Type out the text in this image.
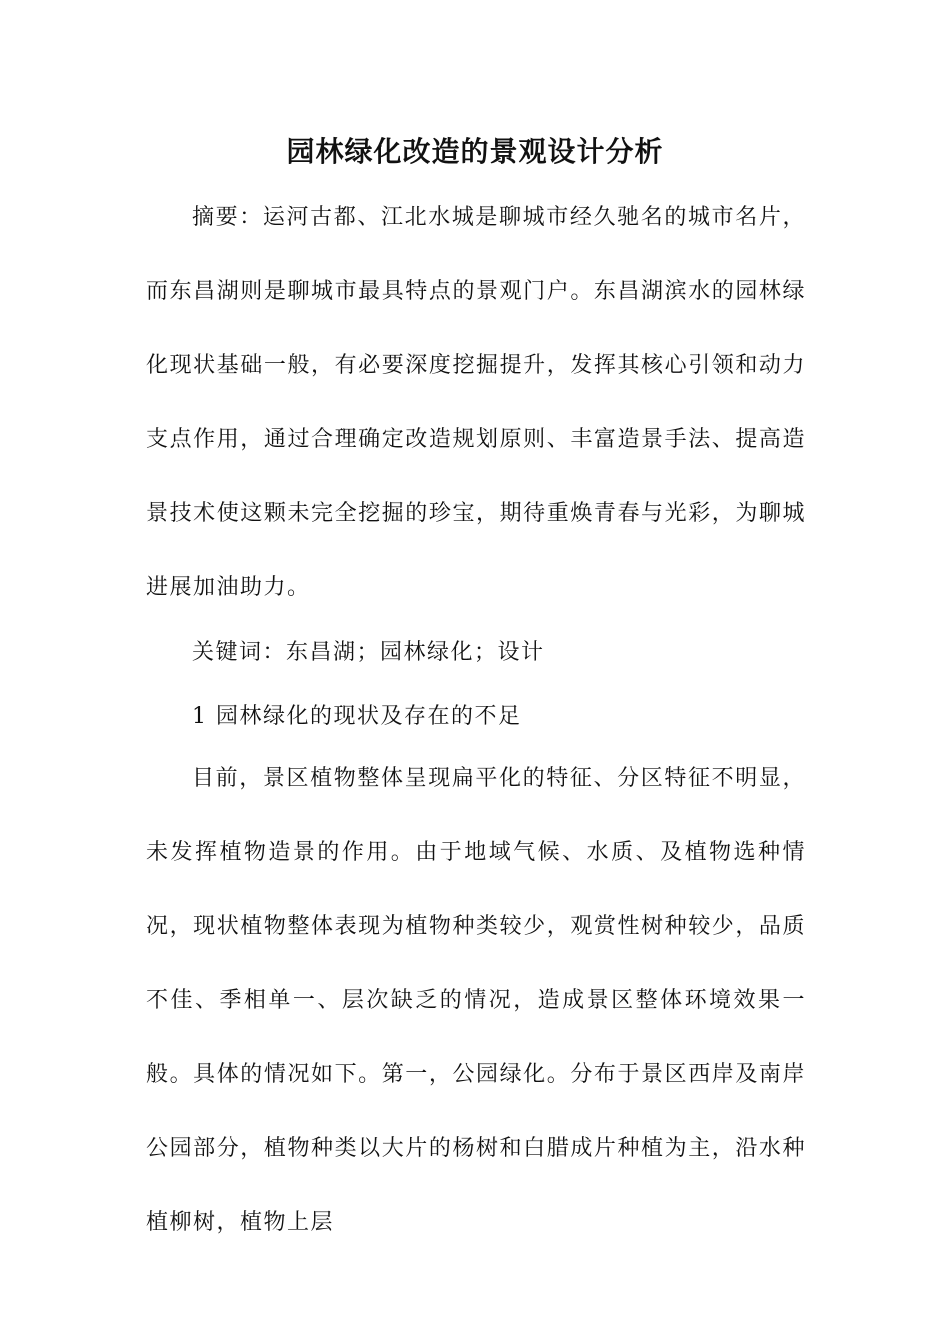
园林绿化改造的景观设计分析
摘要：运河古都、江北水城是聊城市经久驰名的城市名片，而东昌湖则是聊城市最具特点的景观门户。东昌湖滨水的园林绿化现状基础一般，有必要深度挖掘提升，发挥其核心引领和动力支点作用，通过合理确定改造规划原则、丰富造景手法、提高造景技术使这颗未完全挖掘的珍宝，期待重焕青春与光彩，为聊城进展加油助力。
关键词：东昌湖；园林绿化；设计
1 园林绿化的现状及存在的不足
目前，景区植物整体呈现扁平化的特征、分区特征不明显，未发挥植物造景的作用。由于地域气候、水质、及植物选种情况，现状植物整体表现为植物种类较少，观赏性树种较少，品质不佳、季相单一、层次缺乏的情况，造成景区整体环境效果一般。具体的情况如下。第一，公园绿化。分布于景区西岸及南岸公园部分，植物种类以大片的杨树和白腊成片种植为主，沿水种植柳树，植物上层
